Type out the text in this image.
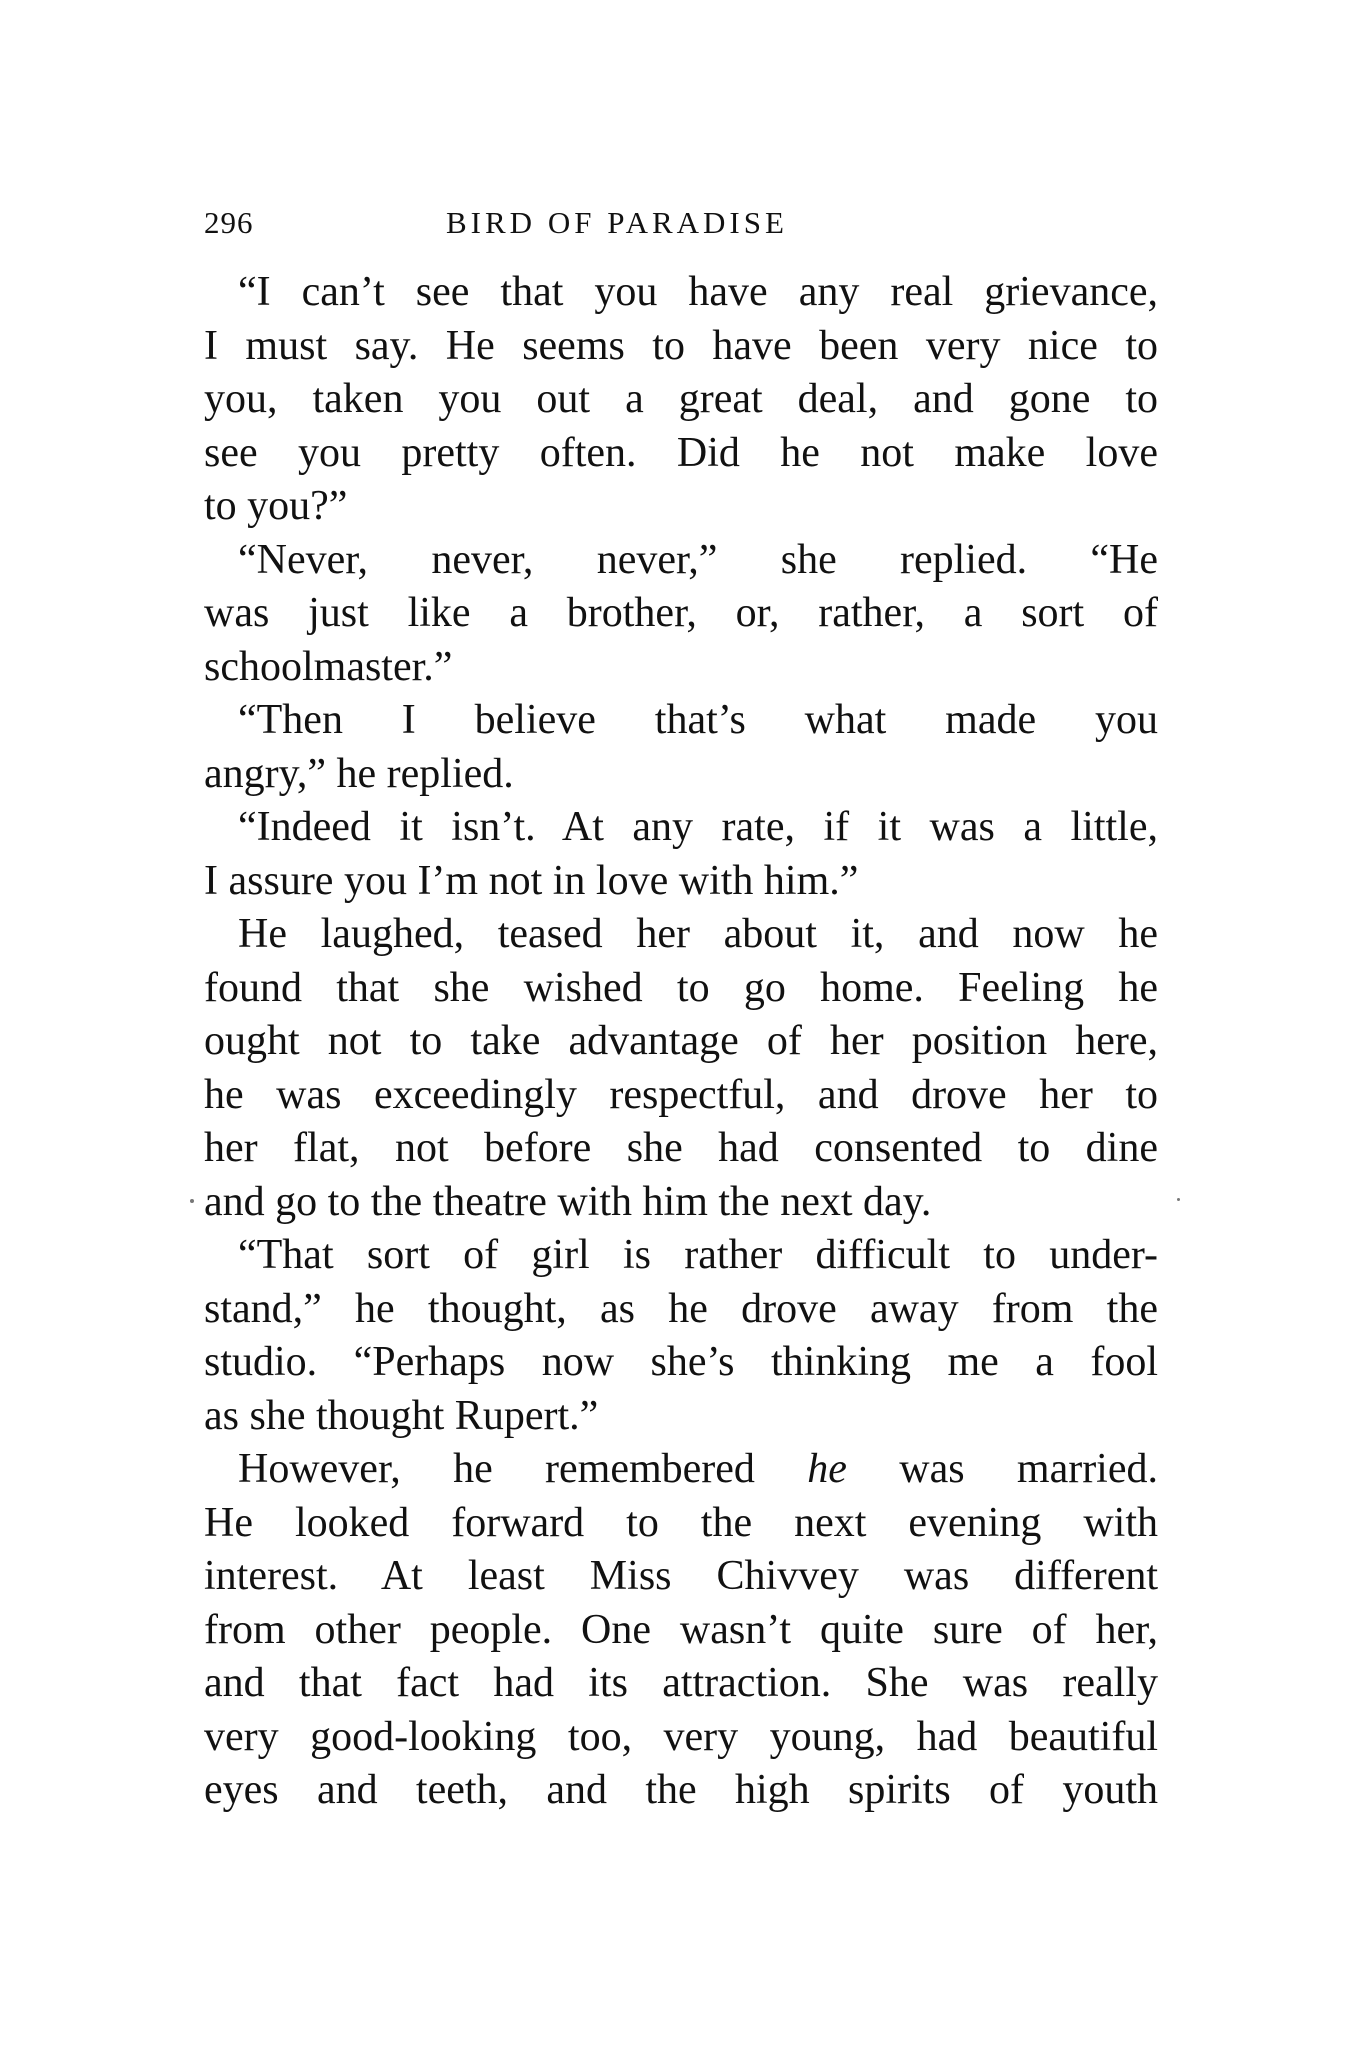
296	BIRD OF PARADISE
“I can’t see that you have any real grievance,
I must say. He seems to have been very nice to
you, taken you out a great deal, and gone to
see you pretty often. Did he not make love
to you?”
“Never, never, never,” she replied. “He
was just like a brother, or, rather, a sort of
schoolmaster.”
“Then I believe that’s what made you
angry,” he replied.
“Indeed it isn’t. At any rate, if it was a little,
I assure you I’m not in love with him.”
He laughed, teased her about it, and now he
found that she wished to go home. Feeling he
ought not to take advantage of her position here,
he was exceedingly respectful, and drove her to
her flat, not before she had consented to dine
and go to the theatre with him the next day.
“That sort of girl is rather difficult to under-
stand,” he thought, as he drove away from the
studio. “Perhaps now she’s thinking me a fool
as she thought Rupert.”
However, he remembered he was married.
He looked forward to the next evening with
interest. At least Miss Chivvey was different
from other people. One wasn’t quite sure of her,
and that fact had its attraction. She was really
very good-looking too, very young, had beautiful
eyes and teeth, and the high spirits of youth
